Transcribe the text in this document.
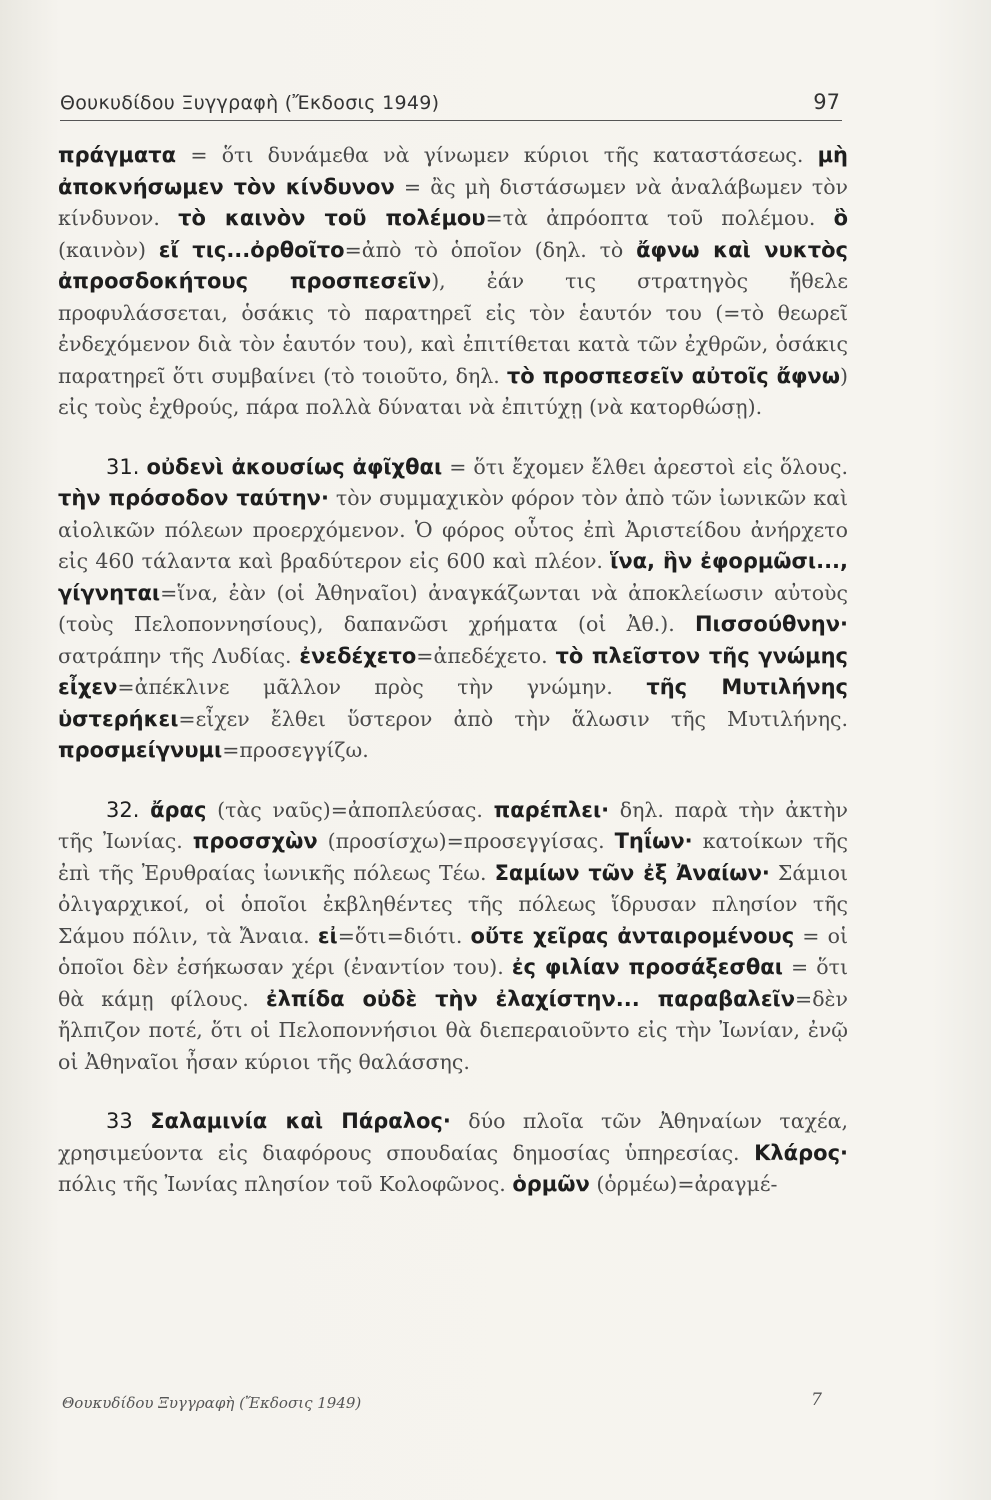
Θουκυδίδου Ξυγγραφὴ (Ἔκδοσις 1949)	97

πράγματα = ὅτι δυνάμεθα νὰ γίνωμεν κύριοι τῆς καταστάσεως. μὴ ἀποκνήσωμεν τὸν κίνδυνον = ἂς μὴ διστάσωμεν νὰ ἀναλάβωμεν τὸν κίνδυνον. τὸ καινὸν τοῦ πολέμου=τὰ ἀπρόοπτα τοῦ πολέμου. ὃ (καινὸν) εἴ τις...ὀρθοῖτο=ἀπὸ τὸ ὁποῖον (δηλ. τὸ ἄφνω καὶ νυκτὸς ἀπροσδοκήτους προσπεσεῖν), ἐάν τις στρατηγὸς ἤθελε προφυλάσσεται, ὁσάκις τὸ παρατηρεῖ εἰς τὸν ἑαυτόν του (=τὸ θεωρεῖ ἐνδεχόμενον διὰ τὸν ἑαυτόν του), καὶ ἐπιτίθεται κατὰ τῶν ἐχθρῶν, ὁσάκις παρατηρεῖ ὅτι συμβαίνει (τὸ τοιοῦτο, δηλ. τὸ προσπεσεῖν αὐτοῖς ἄφνω) εἰς τοὺς ἐχθρούς, πάρα πολλὰ δύναται νὰ ἐπιτύχῃ (νὰ κατορθώσῃ).

31. οὐδενὶ ἀκουσίως ἀφῖχθαι = ὅτι ἔχομεν ἔλθει ἀρεστοὶ εἰς ὅλους. τὴν πρόσοδον ταύτην· τὸν συμμαχικὸν φόρον τὸν ἀπὸ τῶν ἰωνικῶν καὶ αἰολικῶν πόλεων προερχόμενον. Ὁ φόρος οὗτος ἐπὶ Ἀριστείδου ἀνήρχετο εἰς 460 τάλαντα καὶ βραδύτερον εἰς 600 καὶ πλέον. ἵνα, ἣν ἐφορμῶσι..., γίγνηται=ἵνα, ἐὰν (οἱ Ἀθηναῖοι) ἀναγκάζωνται νὰ ἀποκλείωσιν αὐτοὺς (τοὺς Πελοποννησίους), δαπανῶσι χρήματα (οἱ Ἀθ.). Πισσούθνην· σατράπην τῆς Λυδίας. ἐνεδέχετο=ἀπεδέχετο. τὸ πλεῖστον τῆς γνώμης εἶχεν=ἀπέκλινε μᾶλλον πρὸς τὴν γνώμην. τῆς Μυτιλήνης ὑστερήκει=εἶχεν ἔλθει ὕστερον ἀπὸ τὴν ἅλωσιν τῆς Μυτιλήνης. προσμείγνυμι=προσεγγίζω.

32. ἄρας (τὰς ναῦς)=ἀποπλεύσας. παρέπλει· δηλ. παρὰ τὴν ἀκτὴν τῆς Ἰωνίας. προσσχὼν (προσίσχω)=προσεγγίσας. Τηΐων· κατοίκων τῆς ἐπὶ τῆς Ἐρυθραίας ἰωνικῆς πόλεως Τέω. Σαμίων τῶν ἐξ Ἀναίων· Σάμιοι ὀλιγαρχικοί, οἱ ὁποῖοι ἐκβληθέντες τῆς πόλεως ἵδρυσαν πλησίον τῆς Σάμου πόλιν, τὰ Ἄναια. εἰ=ὅτι=διότι. οὔτε χεῖρας ἀνταιρομένους = οἱ ὁποῖοι δὲν ἐσήκωσαν χέρι (ἐναντίον του). ἐς φιλίαν προσάξεσθαι = ὅτι θὰ κάμῃ φίλους. ἐλπίδα οὐδὲ τὴν ἐλαχίστην... παραβαλεῖν=δὲν ἤλπιζον ποτέ, ὅτι οἱ Πελοποννήσιοι θὰ διεπεραιοῦντο εἰς τὴν Ἰωνίαν, ἐνῷ οἱ Ἀθηναῖοι ἦσαν κύριοι τῆς θαλάσσης.

33 Σαλαμινία καὶ Πάραλος· δύο πλοῖα τῶν Ἀθηναίων ταχέα, χρησιμεύοντα εἰς διαφόρους σπουδαίας δημοσίας ὑπηρεσίας. Κλάρος· πόλις τῆς Ἰωνίας πλησίον τοῦ Κολοφῶνος. ὁρμῶν (ὁρμέω)=ἀραγμέ-

Θουκυδίδου Ξυγγραφὴ (Ἔκδοσις 1949)	7
